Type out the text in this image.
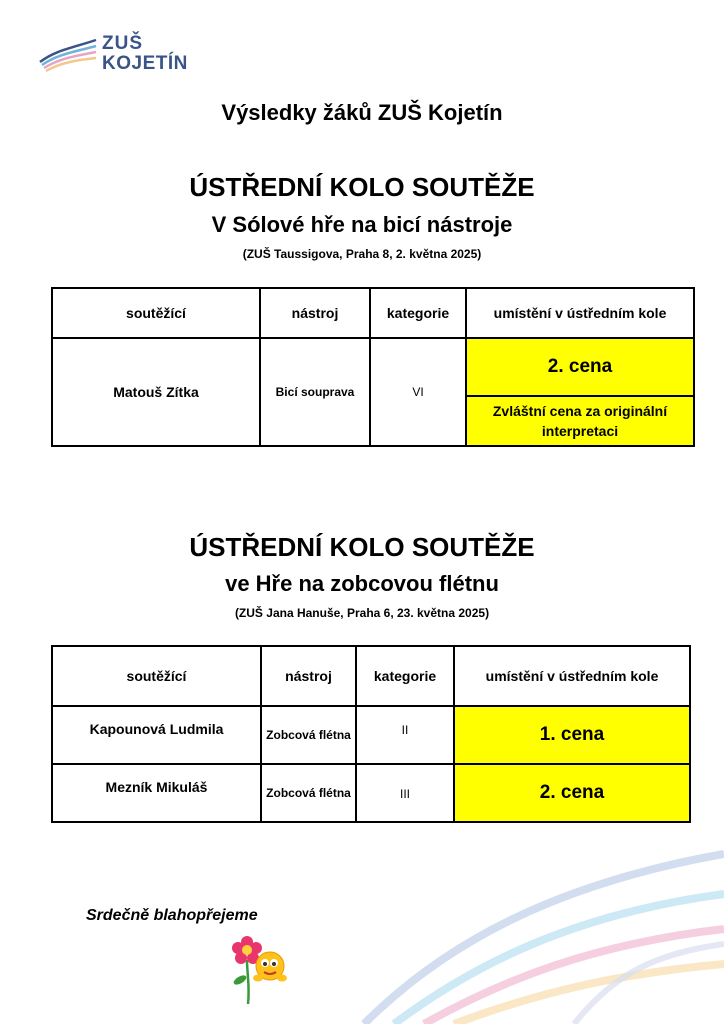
ZUŠ
KOJETÍN
Výsledky žáků ZUŠ Kojetín
ÚSTŘEDNÍ KOLO SOUTĚŽE
V Sólové hře na bicí nástroje
(ZUŠ Taussigova, Praha 8, 2. května 2025)
soutěžící	nástroj	kategorie	umístění v ústředním kole
Matouš Zítka	Bicí souprava	VI	2. cena
			Zvláštní cena za originální interpretaci
ÚSTŘEDNÍ KOLO SOUTĚŽE
ve Hře na zobcovou flétnu
(ZUŠ Jana Hanuše, Praha 6, 23. května 2025)
soutěžící	nástroj	kategorie	umístění v ústředním kole
Kapounová Ludmila	Zobcová flétna	II	1. cena
Mezník Mikuláš	Zobcová flétna	III	2. cena
Srdečně blahopřejeme
